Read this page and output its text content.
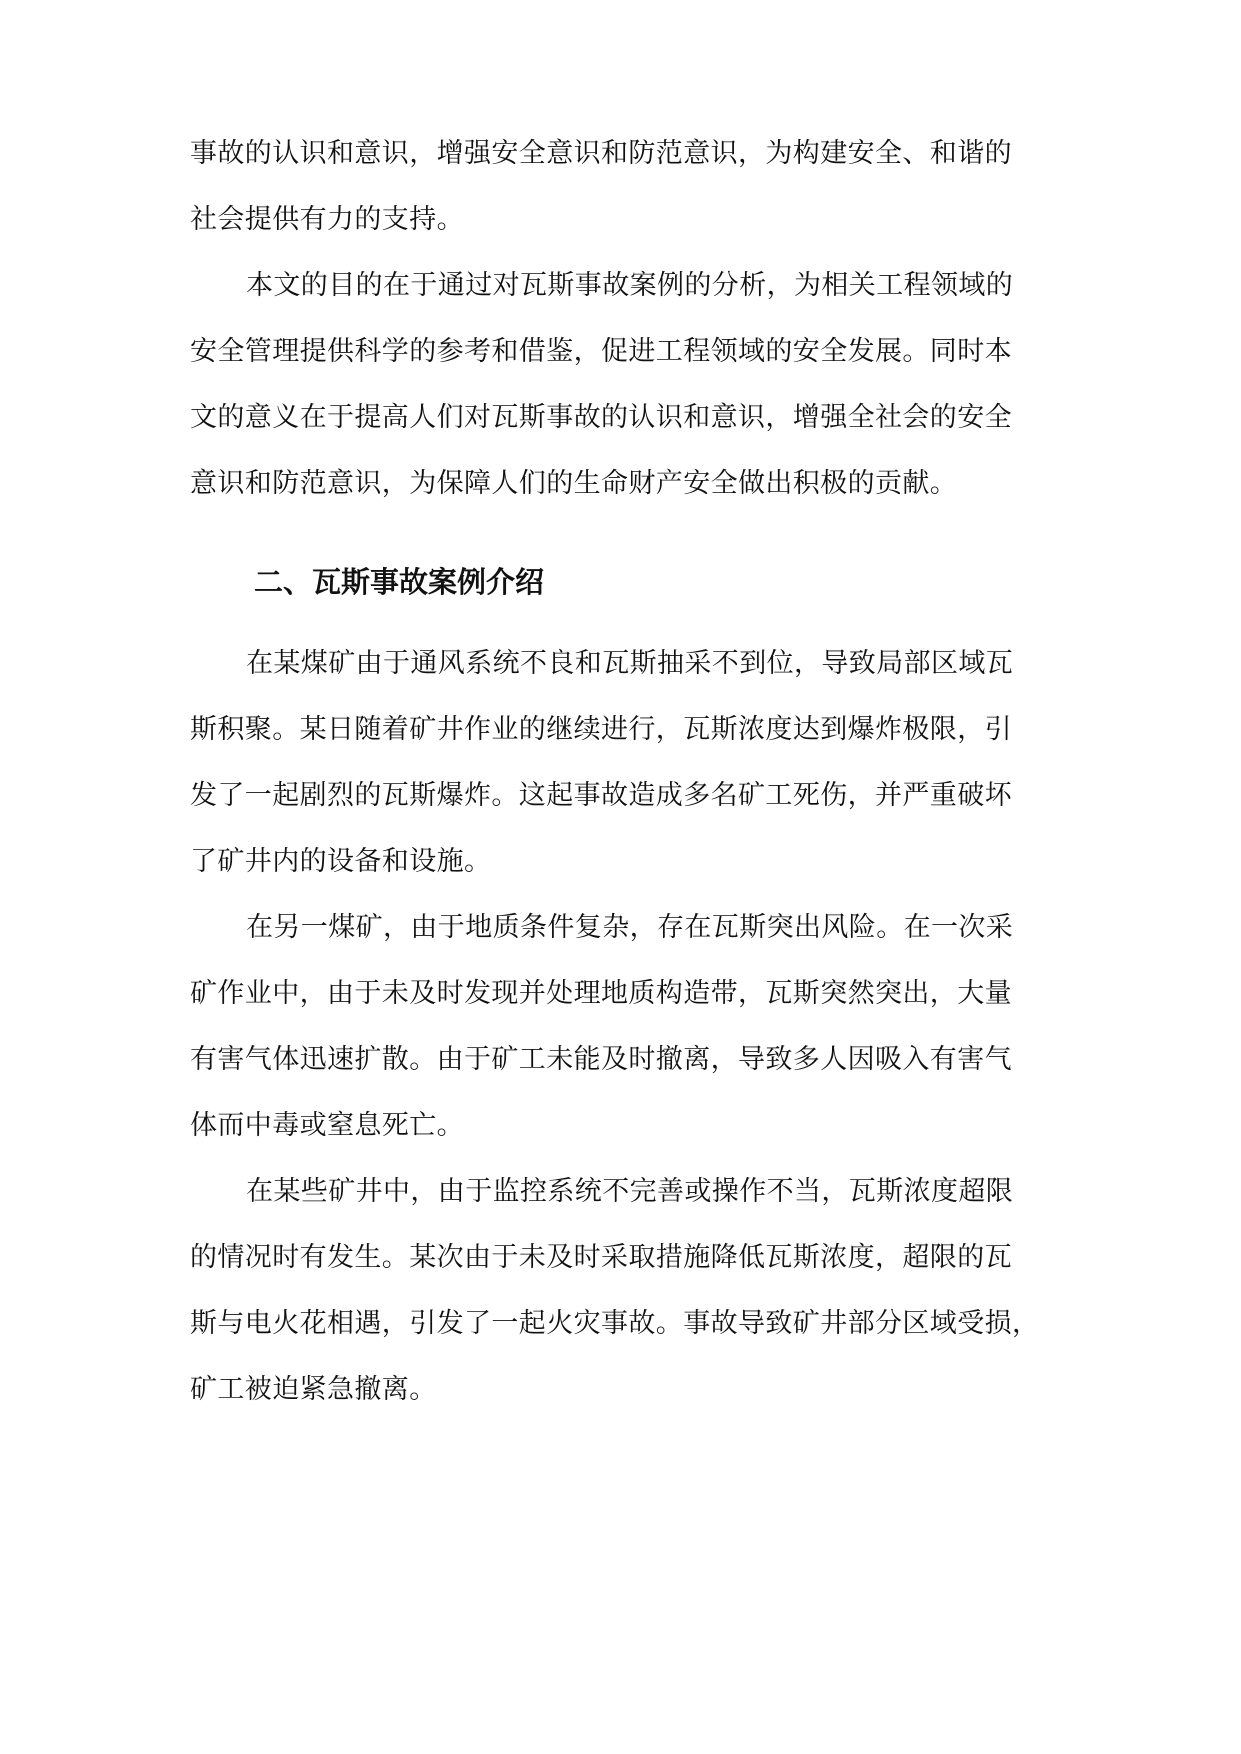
事故的认识和意识，增强安全意识和防范意识，为构建安全、和谐的
社会提供有力的支持。
本文的目的在于通过对瓦斯事故案例的分析，为相关工程领域的
安全管理提供科学的参考和借鉴，促进工程领域的安全发展。同时本
文的意义在于提高人们对瓦斯事故的认识和意识，增强全社会的安全
意识和防范意识，为保障人们的生命财产安全做出积极的贡献。
二、瓦斯事故案例介绍
在某煤矿由于通风系统不良和瓦斯抽采不到位，导致局部区域瓦
斯积聚。某日随着矿井作业的继续进行，瓦斯浓度达到爆炸极限，引
发了一起剧烈的瓦斯爆炸。这起事故造成多名矿工死伤，并严重破坏
了矿井内的设备和设施。
在另一煤矿，由于地质条件复杂，存在瓦斯突出风险。在一次采
矿作业中，由于未及时发现并处理地质构造带，瓦斯突然突出，大量
有害气体迅速扩散。由于矿工未能及时撤离，导致多人因吸入有害气
体而中毒或窒息死亡。
在某些矿井中，由于监控系统不完善或操作不当，瓦斯浓度超限
的情况时有发生。某次由于未及时采取措施降低瓦斯浓度，超限的瓦
斯与电火花相遇，引发了一起火灾事故。事故导致矿井部分区域受损，
矿工被迫紧急撤离。
